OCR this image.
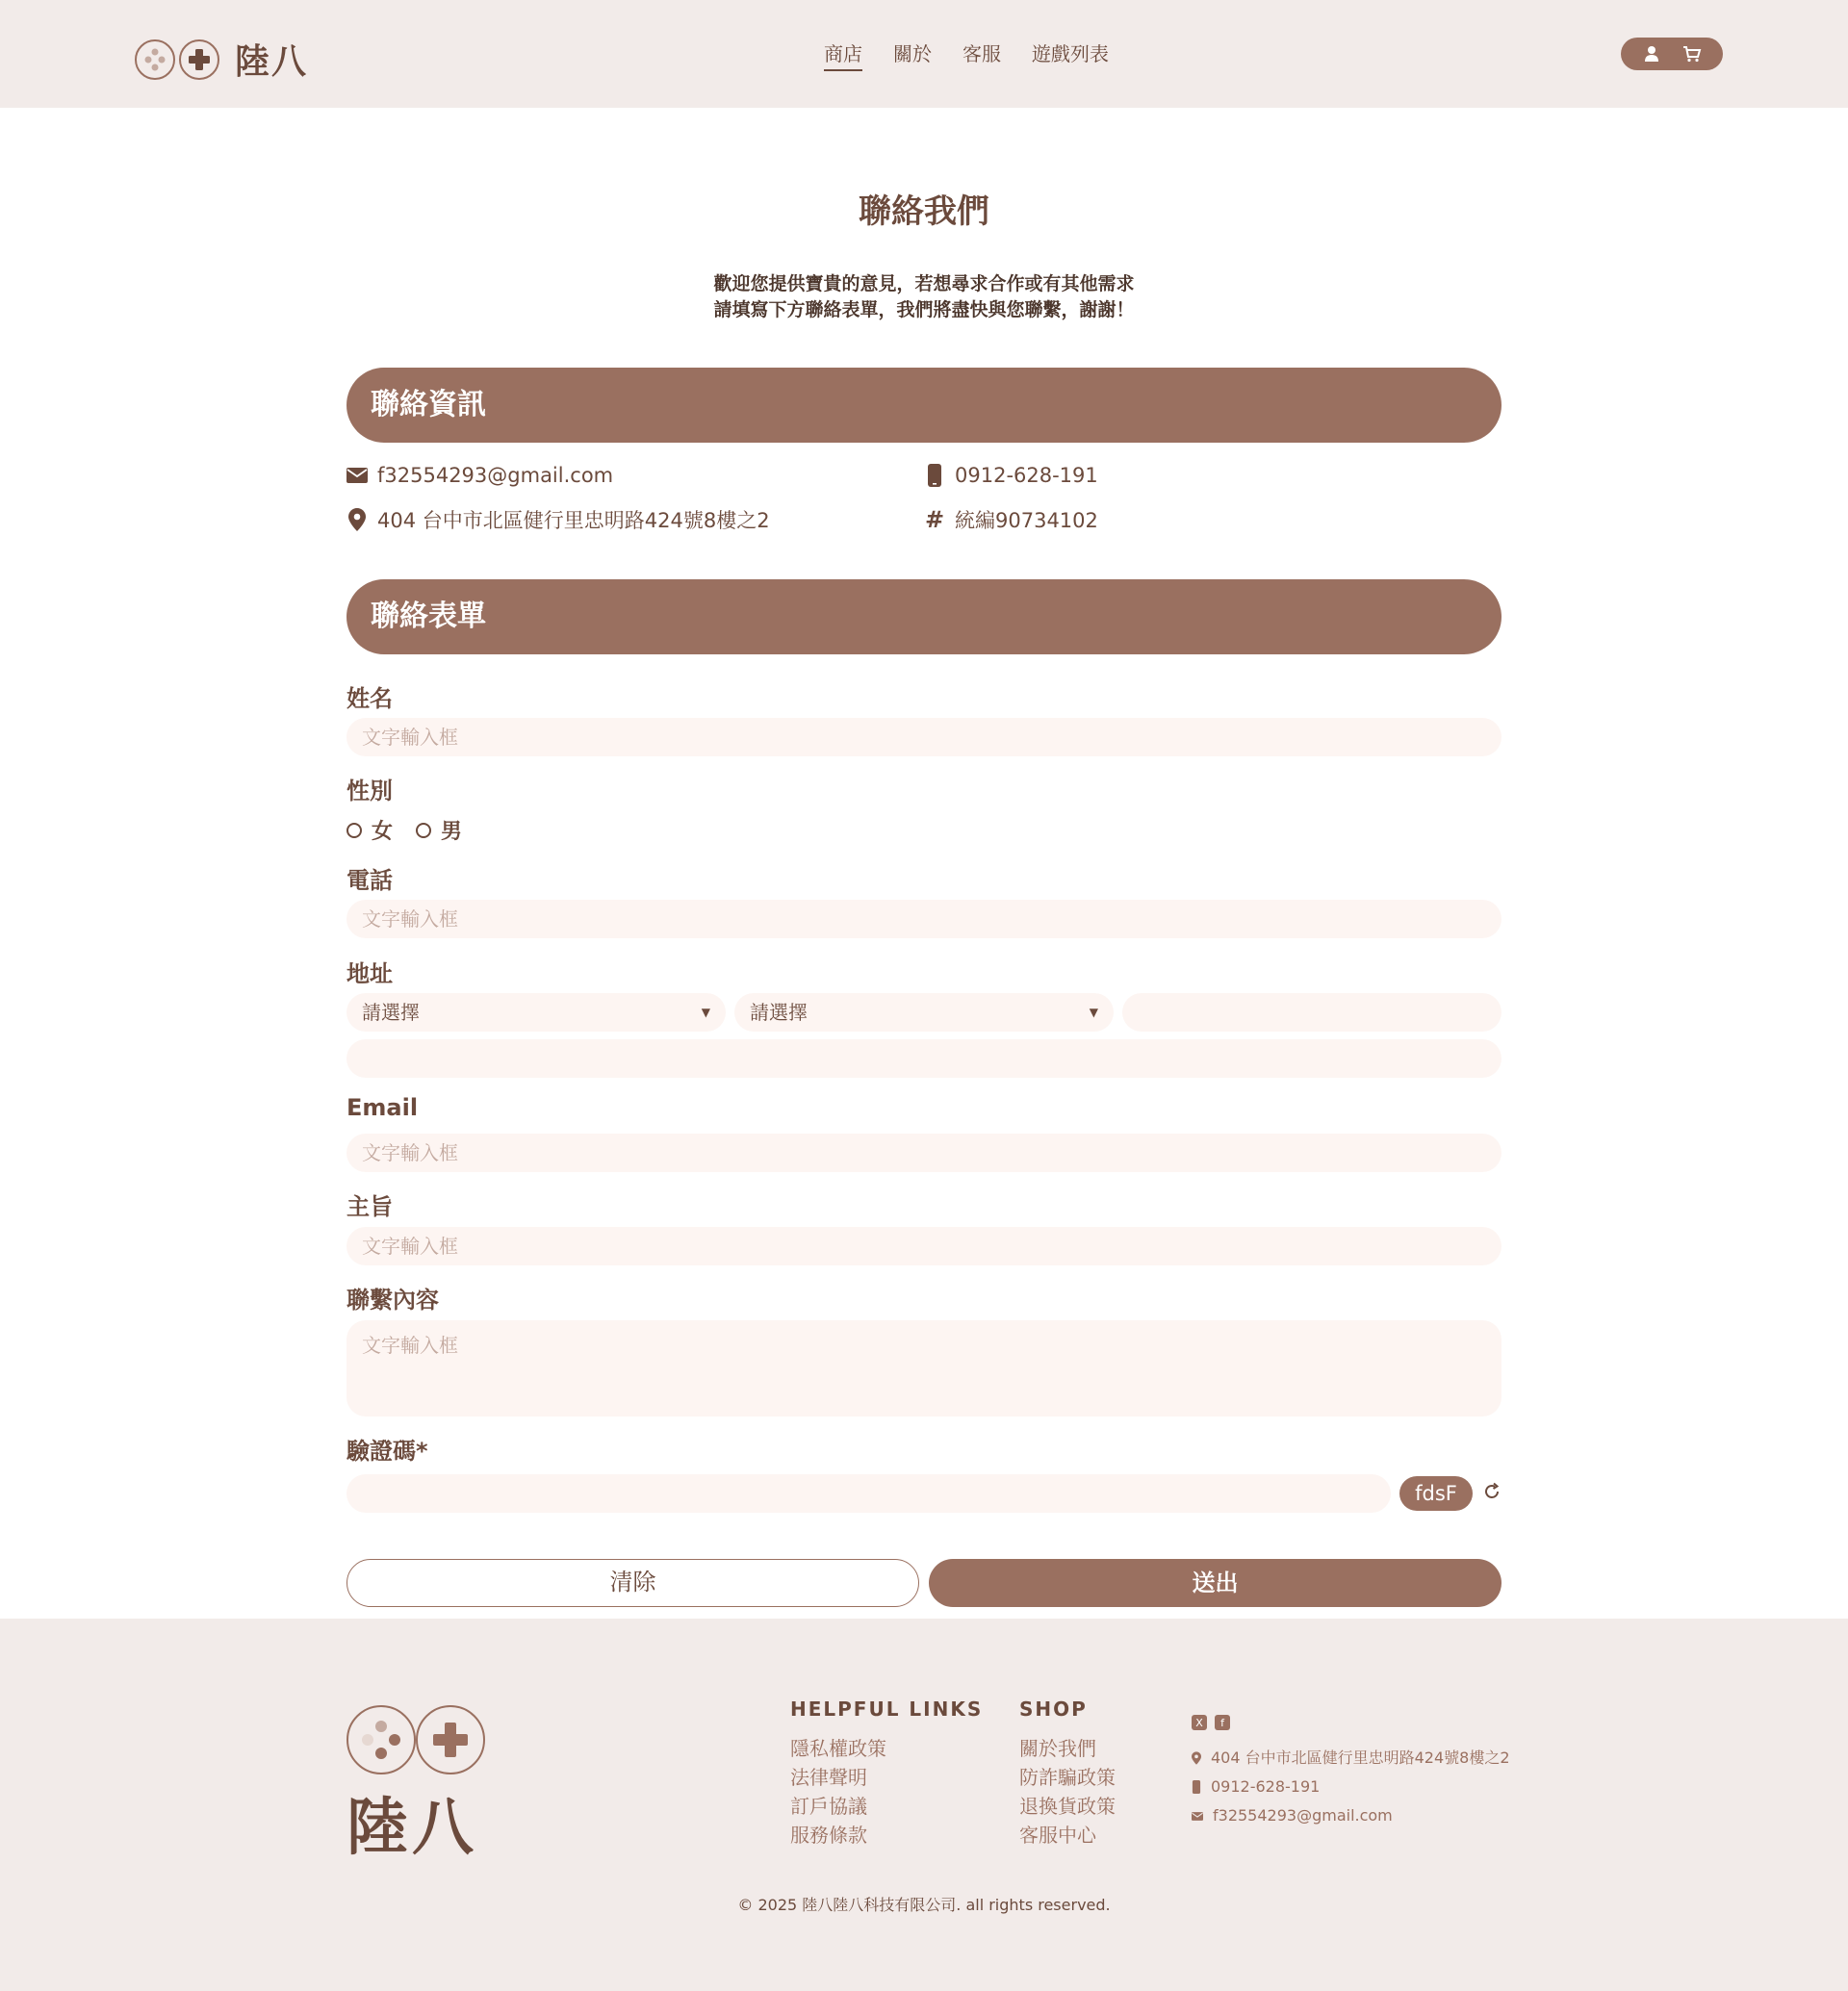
陸八	商店 關於 客服 遊戲列表
聯絡我們
歡迎您提供寶貴的意見，若想尋求合作或有其他需求
請填寫下方聯絡表單，我們將盡快與您聯繫，謝謝！
聯絡資訊
f32554293@gmail.com	0912-628-191
404 台中市北區健行里忠明路424號8樓之2	# 統編90734102
聯絡表單
姓名
文字輸入框
性別
女 男
電話
文字輸入框
地址
請選擇	▼	請選擇	▼
Email
文字輸入框
主旨
文字輸入框
聯繫內容
文字輸入框
驗證碼*
fdsF
清除	送出
陸八
HELPFUL LINKS
隱私權政策
法律聲明
訂戶協議
服務條款
SHOP
關於我們
防詐騙政策
退換貨政策
客服中心
X	f
404 台中市北區健行里忠明路424號8樓之2
0912-628-191
f32554293@gmail.com
© 2025 陸八陸八科技有限公司. all rights reserved.
